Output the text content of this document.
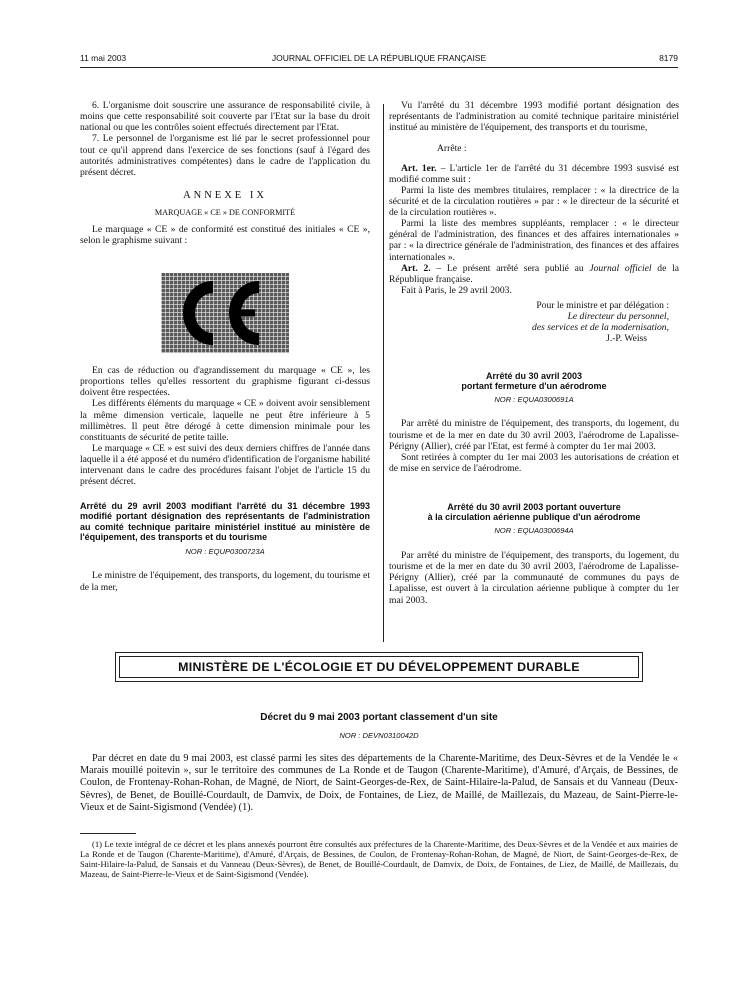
11 mai 2003	JOURNAL OFFICIEL DE LA RÉPUBLIQUE FRANÇAISE	8179

6. L'organisme doit souscrire une assurance de responsabilité civile, à moins que cette responsabilité soit couverte par l'Etat sur la base du droit national ou que les contrôles soient effectués directement par l'Etat.

7. Le personnel de l'organisme est lié par le secret professionnel pour tout ce qu'il apprend dans l'exercice de ses fonctions (sauf à l'égard des autorités administratives compétentes) dans le cadre de l'application du présent décret.

ANNEXE IX
MARQUAGE « CE » DE CONFORMITÉ

Le marquage « CE » de conformité est constitué des initiales « CE », selon le graphisme suivant :

En cas de réduction ou d'agrandissement du marquage « CE », les proportions telles qu'elles ressortent du graphisme figurant ci-dessus doivent être respectées.

Les différents éléments du marquage « CE » doivent avoir sensiblement la même dimension verticale, laquelle ne peut être inférieure à 5 millimètres. Il peut être dérogé à cette dimension minimale pour les constituants de sécurité de petite taille.

Le marquage « CE » est suivi des deux derniers chiffres de l'année dans laquelle il a été apposé et du numéro d'identification de l'organisme habilité intervenant dans le cadre des procédures faisant l'objet de l'article 15 du présent décret.

Arrêté du 29 avril 2003 modifiant l'arrêté du 31 décembre 1993 modifié portant désignation des représentants de l'administration au comité technique paritaire ministériel institué au ministère de l'équipement, des transports et du tourisme
NOR : EQUP0300723A

Le ministre de l'équipement, des transports, du logement, du tourisme et de la mer,

Vu l'arrêté du 31 décembre 1993 modifié portant désignation des représentants de l'administration au comité technique paritaire ministériel institué au ministère de l'équipement, des transports et du tourisme,

Arrête :

Art. 1er. – L'article 1er de l'arrêté du 31 décembre 1993 susvisé est modifié comme suit :

Parmi la liste des membres titulaires, remplacer : « la directrice de la sécurité et de la circulation routières » par : « le directeur de la sécurité et de la circulation routières ».

Parmi la liste des membres suppléants, remplacer : « le directeur général de l'administration, des finances et des affaires internationales » par : « la directrice générale de l'administration, des finances et des affaires internationales ».

Art. 2. – Le présent arrêté sera publié au Journal officiel de la République française.

Fait à Paris, le 29 avril 2003.

Pour le ministre et par délégation :
Le directeur du personnel,
des services et de la modernisation,
J.-P. Weiss
Arrêté du 30 avril 2003
portant fermeture d'un aérodrome
NOR : EQUA0300691A

Par arrêté du ministre de l'équipement, des transports, du logement, du tourisme et de la mer en date du 30 avril 2003, l'aérodrome de Lapalisse-Périgny (Allier), créé par l'Etat, est fermé à compter du 1er mai 2003.

Sont retirées à compter du 1er mai 2003 les autorisations de création et de mise en service de l'aérodrome.

Arrêté du 30 avril 2003 portant ouverture
à la circulation aérienne publique d'un aérodrome
NOR : EQUA0300694A

Par arrêté du ministre de l'équipement, des transports, du logement, du tourisme et de la mer en date du 30 avril 2003, l'aérodrome de Lapalisse-Périgny (Allier), créé par la communauté de communes du pays de Lapalisse, est ouvert à la circulation aérienne publique à compter du 1er mai 2003.

MINISTÈRE DE L'ÉCOLOGIE ET DU DÉVELOPPEMENT DURABLE
Décret du 9 mai 2003 portant classement d'un site
NOR : DEVN0310042D

Par décret en date du 9 mai 2003, est classé parmi les sites des départements de la Charente-Maritime, des Deux-Sèvres et de la Vendée le « Marais mouillé poitevin », sur le territoire des communes de La Ronde et de Taugon (Charente-Maritime), d'Amuré, d'Arçais, de Bessines, de Coulon, de Frontenay-Rohan-Rohan, de Magné, de Niort, de Saint-Georges-de-Rex, de Saint-Hilaire-la-Palud, de Sansais et du Vanneau (Deux-Sèvres), de Benet, de Bouillé-Courdault, de Damvix, de Doix, de Fontaines, de Liez, de Maillé, de Maillezais, du Mazeau, de Saint-Pierre-le-Vieux et de Saint-Sigismond (Vendée) (1).

(1) Le texte intégral de ce décret et les plans annexés pourront être consultés aux préfectures de la Charente-Maritime, des Deux-Sèvres et de la Vendée et aux mairies de La Ronde et de Taugon (Charente-Maritime), d'Amuré, d'Arçais, de Bessines, de Coulon, de Frontenay-Rohan-Rohan, de Magné, de Niort, de Saint-Georges-de-Rex, de Saint-Hilaire-la-Palud, de Sansais et du Vanneau (Deux-Sèvres), de Benet, de Bouillé-Courdault, de Damvix, de Doix, de Fontaines, de Liez, de Maillé, de Maillezais, du Mazeau, de Saint-Pierre-le-Vieux et de Saint-Sigismond (Vendée).
